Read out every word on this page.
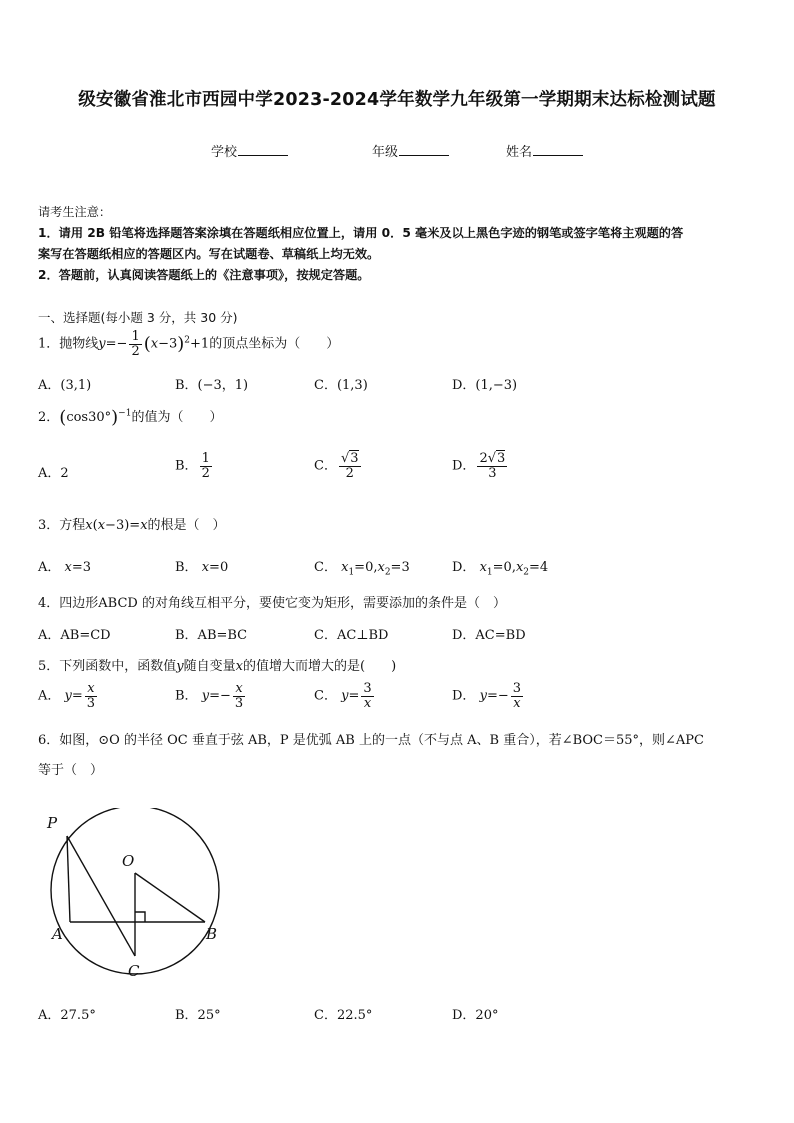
级安徽省淮北市西园中学2023-2024学年数学九年级第一学期期末达标检测试题
学校	年级	姓名
请考生注意：
1．请用 2B 铅笔将选择题答案涂填在答题纸相应位置上，请用 0．5 毫米及以上黑色字迹的钢笔或签字笔将主观题的答
案写在答题纸相应的答题区内。写在试题卷、草稿纸上均无效。
2．答题前，认真阅读答题纸上的《注意事项》，按规定答题。
一、选择题(每小题 3 分，共 30 分)
1．抛物线$y=- \frac{1}{2} (x-3)^2+1$的顶点坐标为（　　）
A．(3,1)	B．(−3，1)	C．(1,3)	D．(1,−3)
2．$(\cos 30^\circ)^{-1}$的值为（　　）
A．2	B． $\frac{1}{2}$	C． $\frac{√3}{2}$	D． $\frac{2√3}{3}$
3．方程x(x−3)=x的根是（　）
A． x=3	B． x=0	C． $x_1=0,x_2=3$	D． $x_1=0,x_2=4$
4．四边形ABCD 的对角线互相平分，要使它变为矩形，需要添加的条件是（　）
A．AB=CD	B．AB=BC	C．AC⊥BD	D．AC=BD
5．下列函数中，函数值y随自变量x的值增大而增大的是(　　)
A． $y= \frac{x}{3}$	B． $y=- \frac{x}{3}$	C． $y= \frac{3}{x}$	D． $y=- \frac{3}{x}$
6．如图，⊙O 的半径 OC 垂直于弦 AB，P 是优弧 AB 上的一点（不与点 A、B 重合），若∠BOC＝55°，则∠APC
等于（　）
P
O
A	B
C
A．27.5°	B．25°	C．22.5°	D．20°
